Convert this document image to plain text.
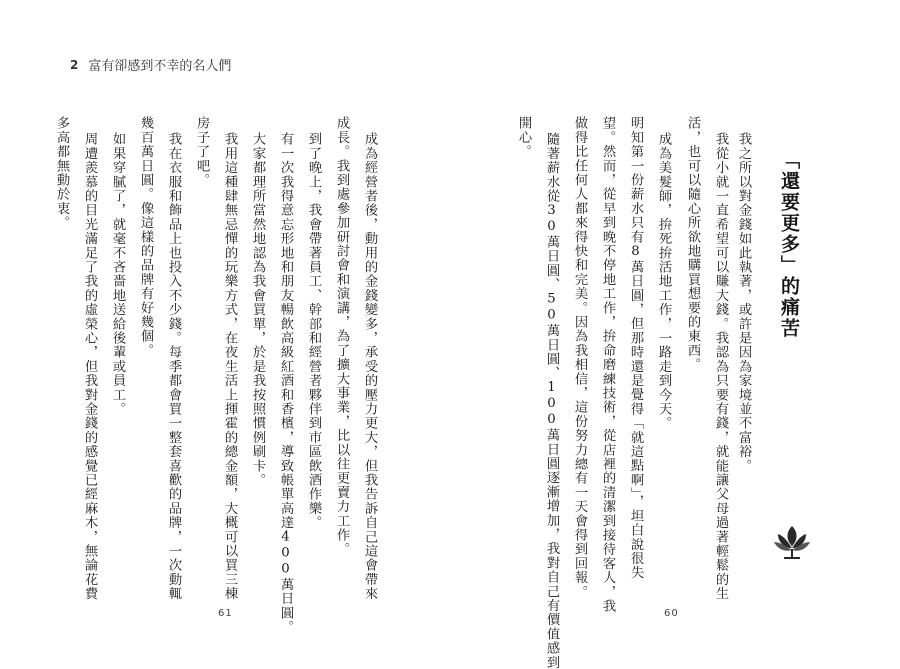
2 富有卻感到不幸的名人們
「還要更多」的痛苦
我之所以對金錢如此執著，或許是因為家境並不富裕。
我從小就一直希望可以賺大錢。我認為只要有錢，就能讓父母過著輕鬆的生
活，也可以隨心所欲地購買想要的東西。
成為美髮師，拚死拚活地工作，一路走到今天。
明知第一份薪水只有8萬日圓，但那時還是覺得「就這點啊」，坦白說很失
望。然而，從早到晚不停地工作，拚命磨練技術，從店裡的清潔到接待客人，我
做得比任何人都來得快和完美。因為我相信，這份努力總有一天會得到回報。
隨著薪水從30萬日圓、50萬日圓、100萬日圓逐漸增加，我對自己有價值感到
開心。
成為經營者後，動用的金錢變多，承受的壓力更大，但我告訴自己這會帶來
成長。我到處參加研討會和演講，為了擴大事業，比以往更賣力工作。
到了晚上，我會帶著員工、幹部和經營者夥伴到市區飲酒作樂。
有一次我得意忘形地和朋友暢飲高級紅酒和香檳，導致帳單高達400萬日圓。
大家都理所當然地認為我會買單，於是我按照慣例刷卡。
我用這種肆無忌憚的玩樂方式，在夜生活上揮霍的總金額，大概可以買三棟
房子了吧。
我在衣服和飾品上也投入不少錢。每季都會買一整套喜歡的品牌，一次動輒
幾百萬日圓。像這樣的品牌有好幾個。
如果穿膩了，就毫不吝嗇地送給後輩或員工。
周遭羨慕的目光滿足了我的虛榮心，但我對金錢的感覺已經麻木，無論花費
多高都無動於衷。
61	60
